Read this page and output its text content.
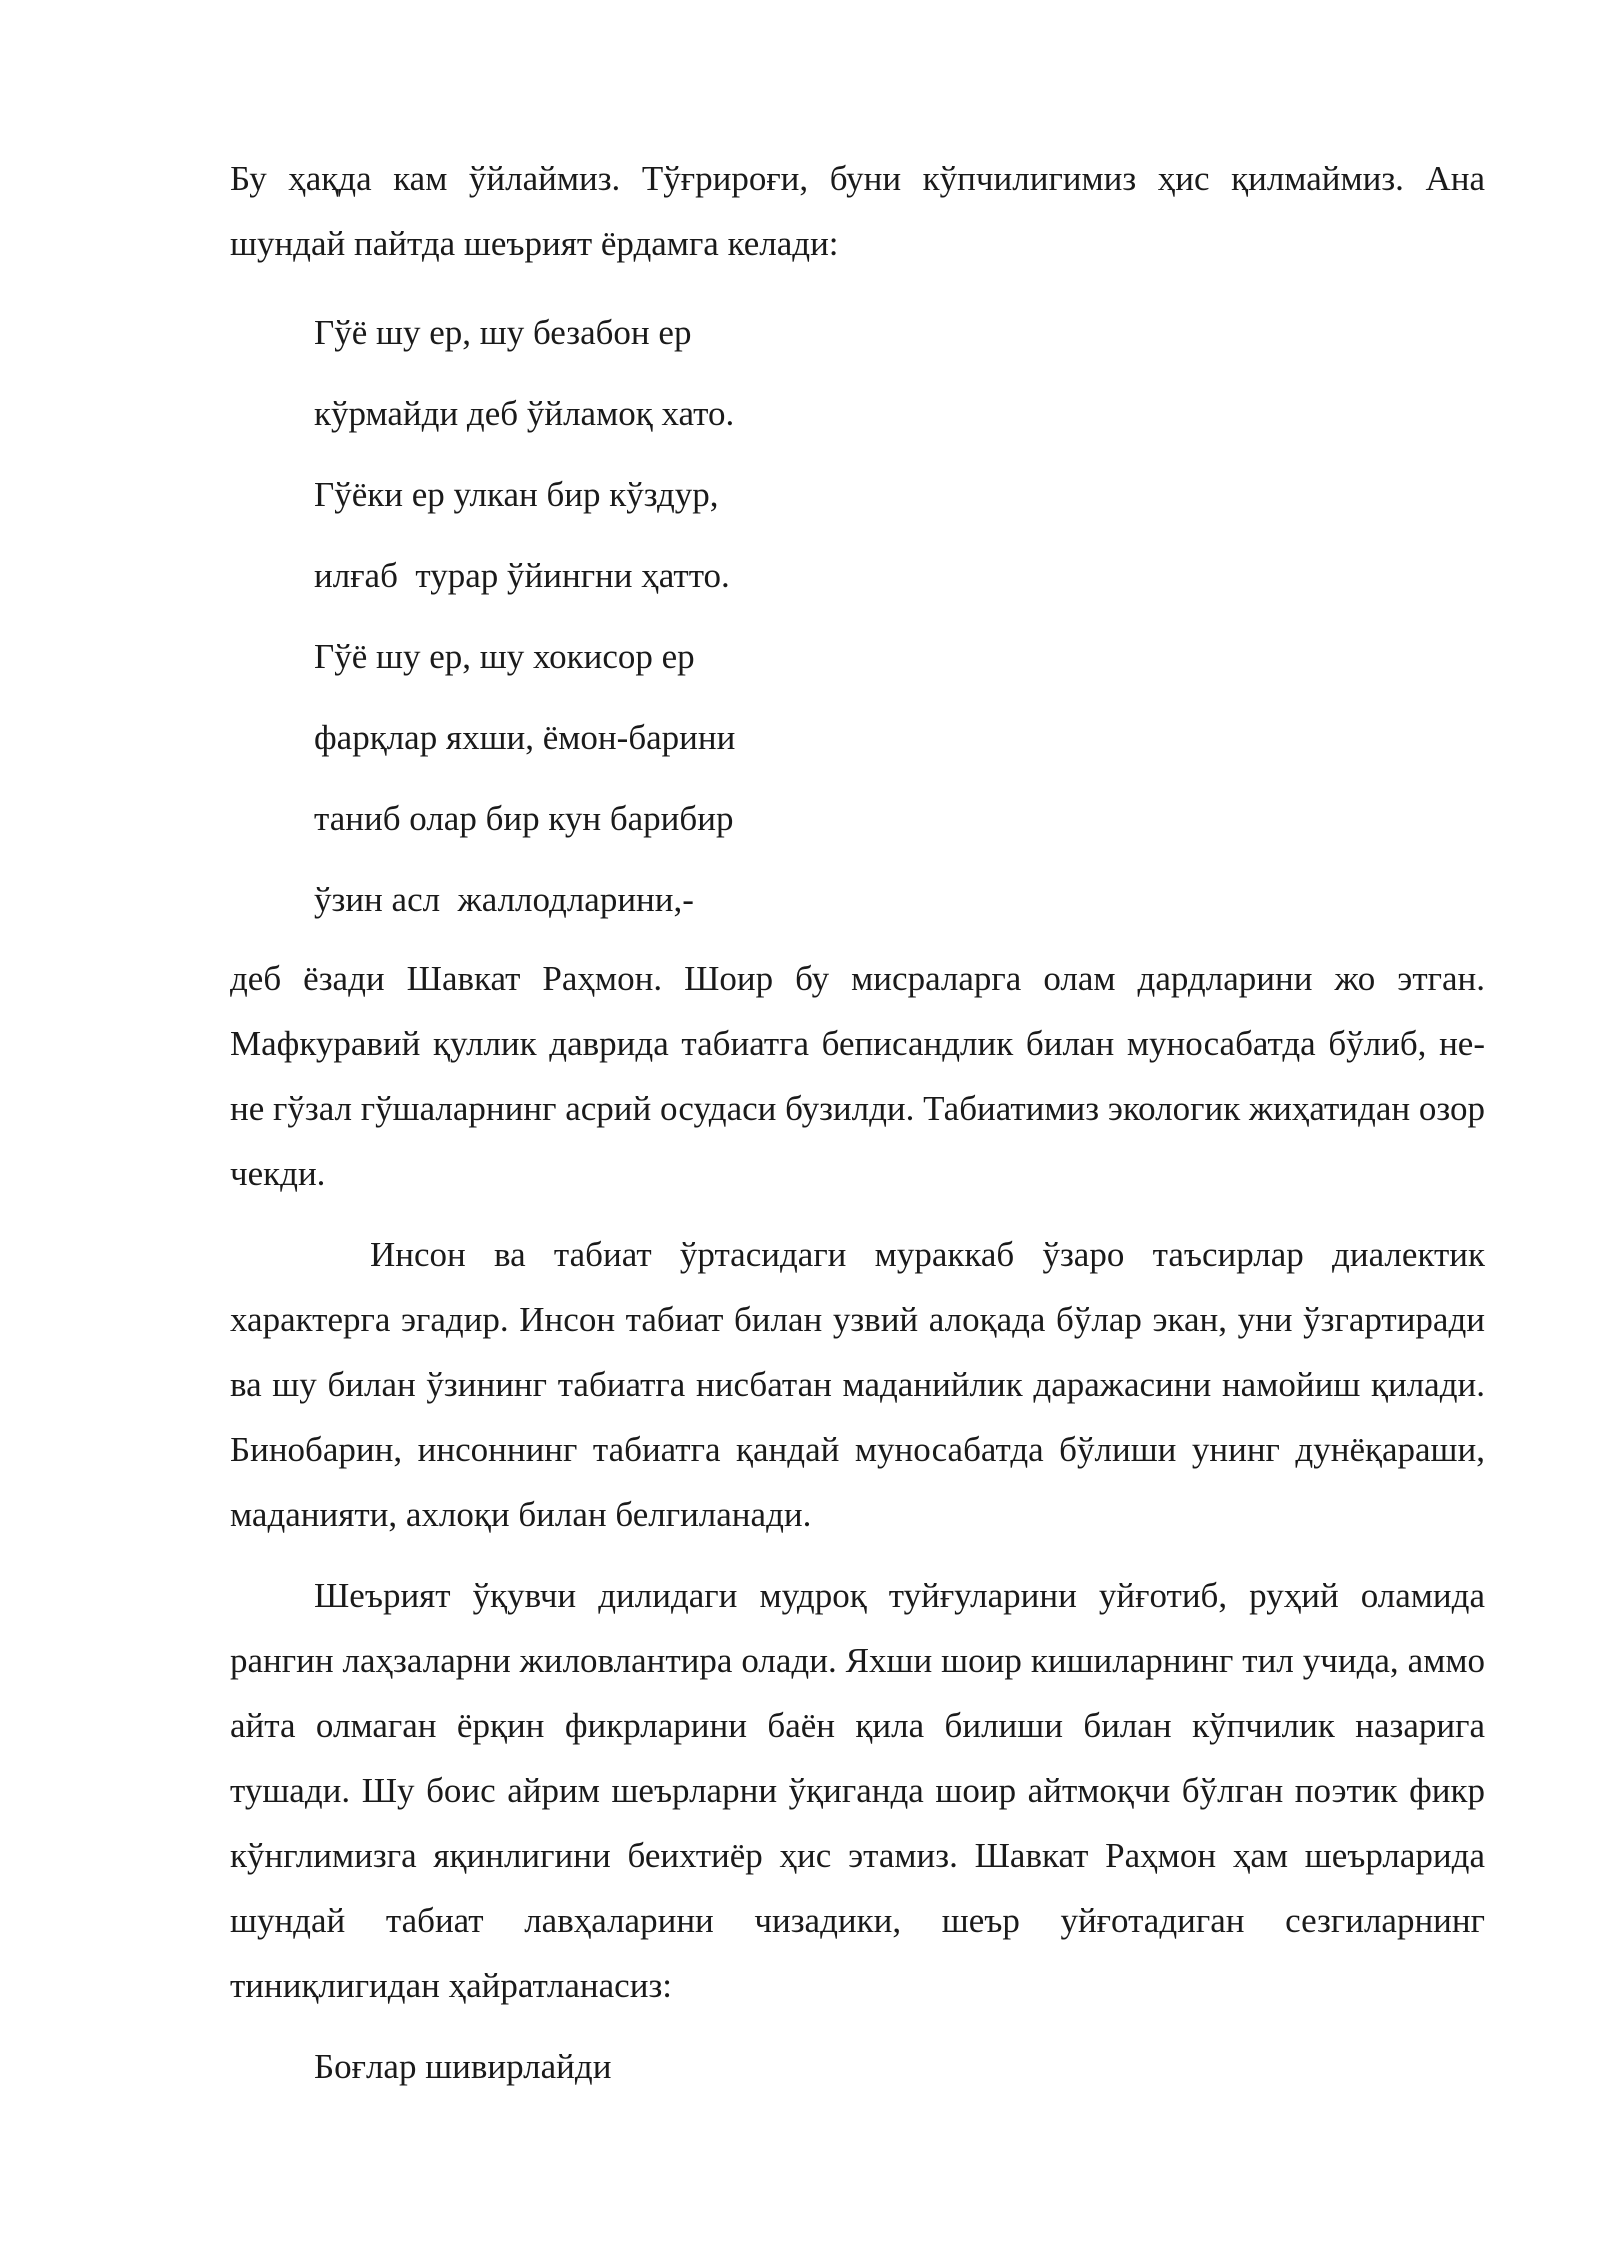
Бу ҳақда кам ўйлаймиз. Тўғрироғи, буни кўпчилигимиз ҳис қилмаймиз. Ана шундай пайтда шеърият ёрдамга келади:

Гўё шу ер, шу безабон ер

кўрмайди деб ўйламоқ хато.

Гўёки ер улкан бир кўздур,

илғаб  турар ўйингни ҳатто.

Гўё шу ер, шу хокисор ер

фарқлар яхши, ёмон-барини

таниб олар бир кун барибир

ўзин асл  жаллодларини,-

деб ёзади Шавкат Раҳмон. Шоир бу мисраларга олам дардларини жо этган. Мафкуравий қуллик даврида табиатга беписандлик билан муносабатда бўлиб, не-не гўзал гўшаларнинг асрий осудаси бузилди. Табиатимиз экологик жиҳатидан озор чекди.

Инсон ва табиат ўртасидаги мураккаб ўзаро таъсирлар диалектик характерга эгадир. Инсон табиат билан узвий алоқада бўлар экан, уни ўзгартиради ва шу билан ўзининг табиатга нисбатан маданийлик даражасини намойиш қилади. Бинобарин, инсоннинг табиатга қандай муносабатда бўлиши унинг дунёқараши, маданияти, ахлоқи билан белгиланади.

Шеърият ўқувчи дилидаги мудроқ туйғуларини уйғотиб, руҳий оламида рангин лаҳзаларни жиловлантира олади. Яхши шоир кишиларнинг тил учида, аммо айта олмаган ёрқин фикрларини баён қила билиши билан кўпчилик назарига тушади. Шу боис айрим шеърларни ўқиганда шоир айтмоқчи бўлган поэтик фикр кўнглимизга яқинлигини беихтиёр ҳис этамиз. Шавкат Раҳмон ҳам шеърларида шундай табиат лавҳаларини чизадики, шеър уйғотадиган сезгиларнинг тиниқлигидан ҳайратланасиз:

Боғлар шивирлайди
